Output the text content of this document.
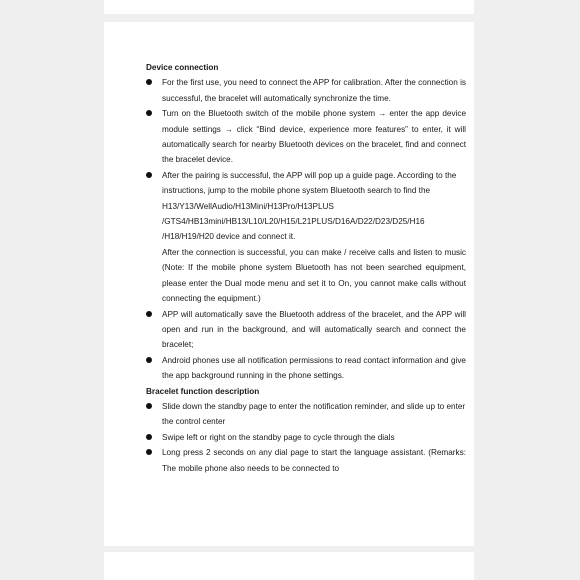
Device connection

For the first use, you need to connect the APP for calibration. After the connection is successful, the bracelet will automatically synchronize the time.
Turn on the Bluetooth switch of the mobile phone system → enter the app device module settings → click “Bind device, experience more features” to enter, it will automatically search for nearby Bluetooth devices on the bracelet, find and connect the bracelet device.
After the pairing is successful, the APP will pop up a guide page. According to the instructions, jump to the mobile phone system Bluetooth search to find the H13/Y13/WellAudio/H13Mini/H13Pro/H13PLUS /GTS4/HB13mini/HB13/L10/L20/H15/L21PLUS/D16A/D22/D23/D25/H16 /H18/H19/H20 device and connect it.

After the connection is successful, you can make / receive calls and listen to music (Note: If the mobile phone system Bluetooth has not been searched equipment, please enter the Dual mode menu and set it to On, you cannot make calls without connecting the equipment.)

APP will automatically save the Bluetooth address of the bracelet, and the APP will open and run in the background, and will automatically search and connect the bracelet;
Android phones use all notification permissions to read contact information and give the app background running in the phone settings.

Bracelet function description

Slide down the standby page to enter the notification reminder, and slide up to enter the control center
Swipe left or right on the standby page to cycle through the dials
Long press 2 seconds on any dial page to start the language assistant. (Remarks: The mobile phone also needs to be connected to
